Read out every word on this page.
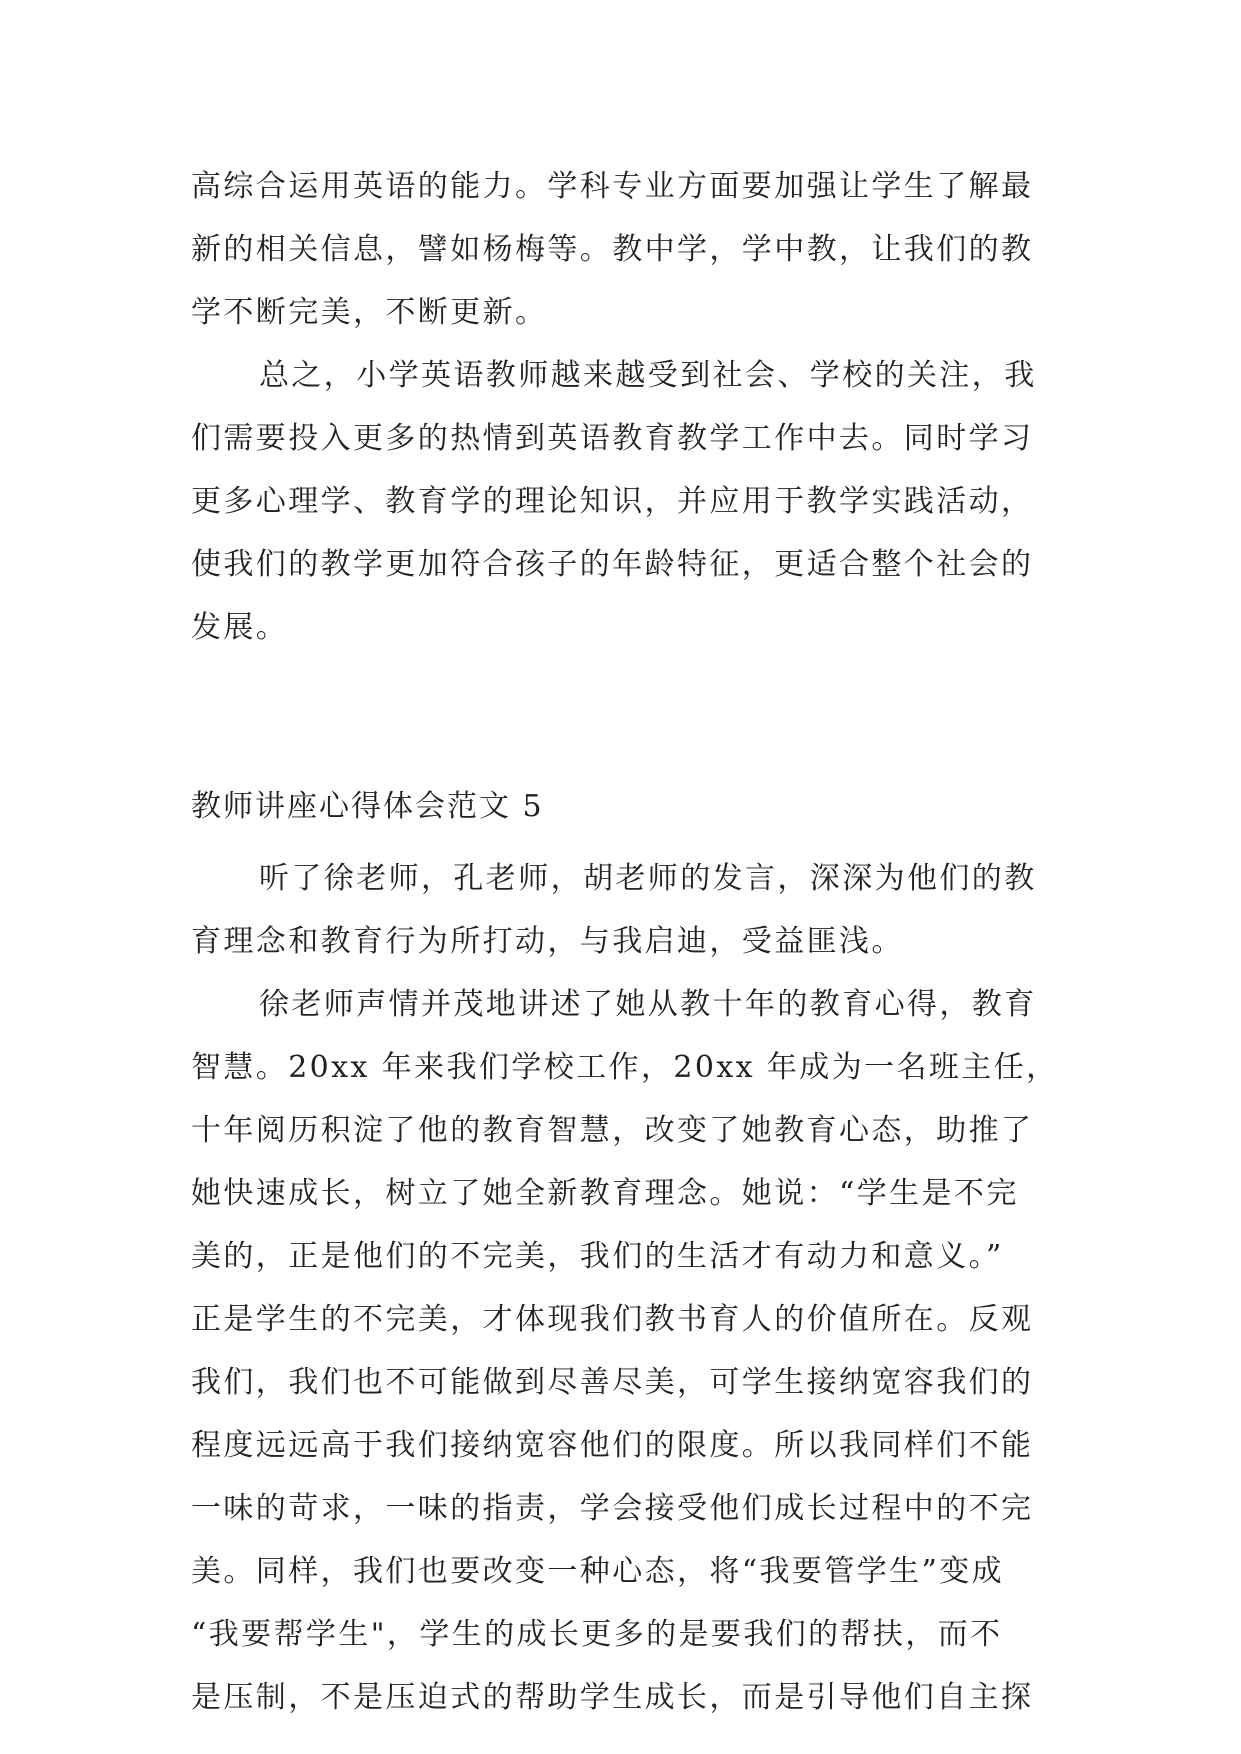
高综合运用英语的能力。学科专业方面要加强让学生了解最
新的相关信息，譬如杨梅等。教中学，学中教，让我们的教
学不断完美，不断更新。
总之，小学英语教师越来越受到社会、学校的关注，我
们需要投入更多的热情到英语教育教学工作中去。同时学习
更多心理学、教育学的理论知识，并应用于教学实践活动，
使我们的教学更加符合孩子的年龄特征，更适合整个社会的
发展。
教师讲座心得体会范文 5
听了徐老师，孔老师，胡老师的发言，深深为他们的教
育理念和教育行为所打动，与我启迪，受益匪浅。
徐老师声情并茂地讲述了她从教十年的教育心得，教育
智慧。20xx 年来我们学校工作，20xx 年成为一名班主任，
十年阅历积淀了他的教育智慧，改变了她教育心态，助推了
她快速成长，树立了她全新教育理念。她说：“学生是不完
美的，正是他们的不完美，我们的生活才有动力和意义。”
正是学生的不完美，才体现我们教书育人的价值所在。反观
我们，我们也不可能做到尽善尽美，可学生接纳宽容我们的
程度远远高于我们接纳宽容他们的限度。所以我同样们不能
一味的苛求，一味的指责，学会接受他们成长过程中的不完
美。同样，我们也要改变一种心态，将“我要管学生”变成
“我要帮学生"，学生的成长更多的是要我们的帮扶，而不
是压制，不是压迫式的帮助学生成长，而是引导他们自主探
